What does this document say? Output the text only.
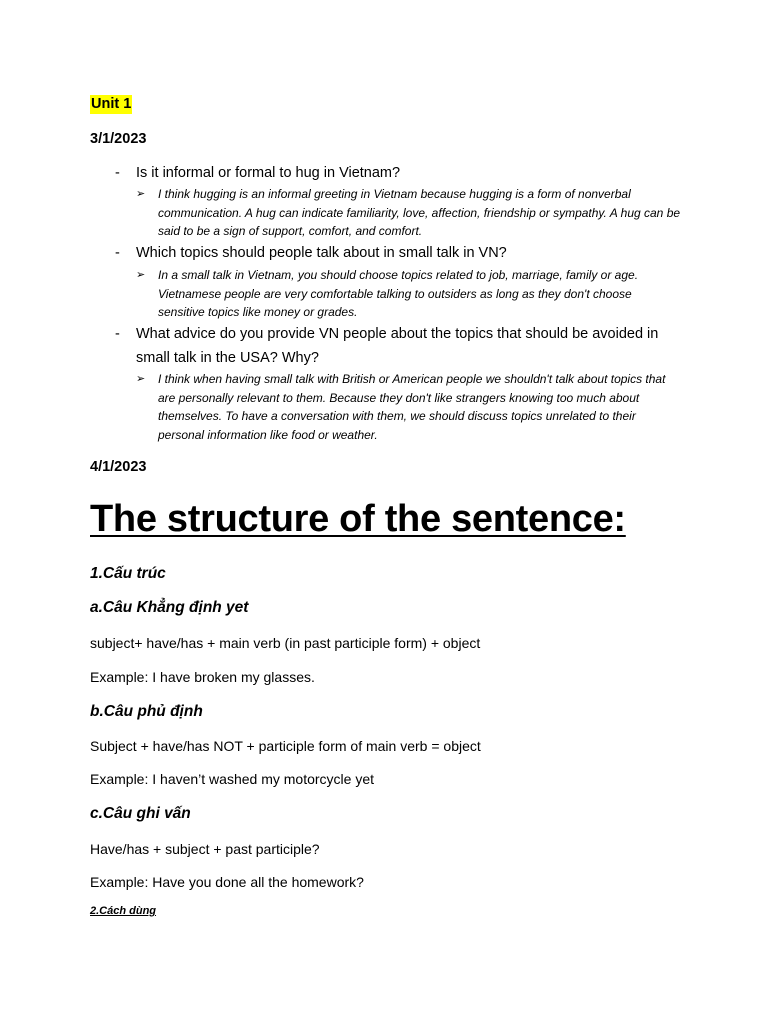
Unit 1
3/1/2023
- Is it informal or formal to hug in Vietnam?
➢ I think hugging is an informal greeting in Vietnam because hugging is a form of nonverbal communication. A hug can indicate familiarity, love, affection, friendship or sympathy. A hug can be said to be a sign of support, comfort, and comfort.
- Which topics should people talk about in small talk in VN?
➢ In a small talk in Vietnam, you should choose topics related to job, marriage, family or age. Vietnamese people are very comfortable talking to outsiders as long as they don't choose sensitive topics like money or grades.
- What advice do you provide VN people about the topics that should be avoided in small talk in the USA? Why?
➢ I think when having small talk with British or American people we shouldn't talk about topics that are personally relevant to them. Because they don't like strangers knowing too much about themselves. To have a conversation with them, we should discuss topics unrelated to their personal information like food or weather.
4/1/2023
The structure of the sentence:
1.Cấu trúc
a.Câu Khẳng định yet
subject+ have/has + main verb (in past participle form) + object
Example: I have broken my glasses.
b.Câu phủ định
Subject + have/has NOT + participle form of main verb = object
Example: I haven’t washed my motorcycle yet
c.Câu ghi vấn
Have/has + subject + past participle?
Example: Have you done all the homework?
2.Cách dùng
